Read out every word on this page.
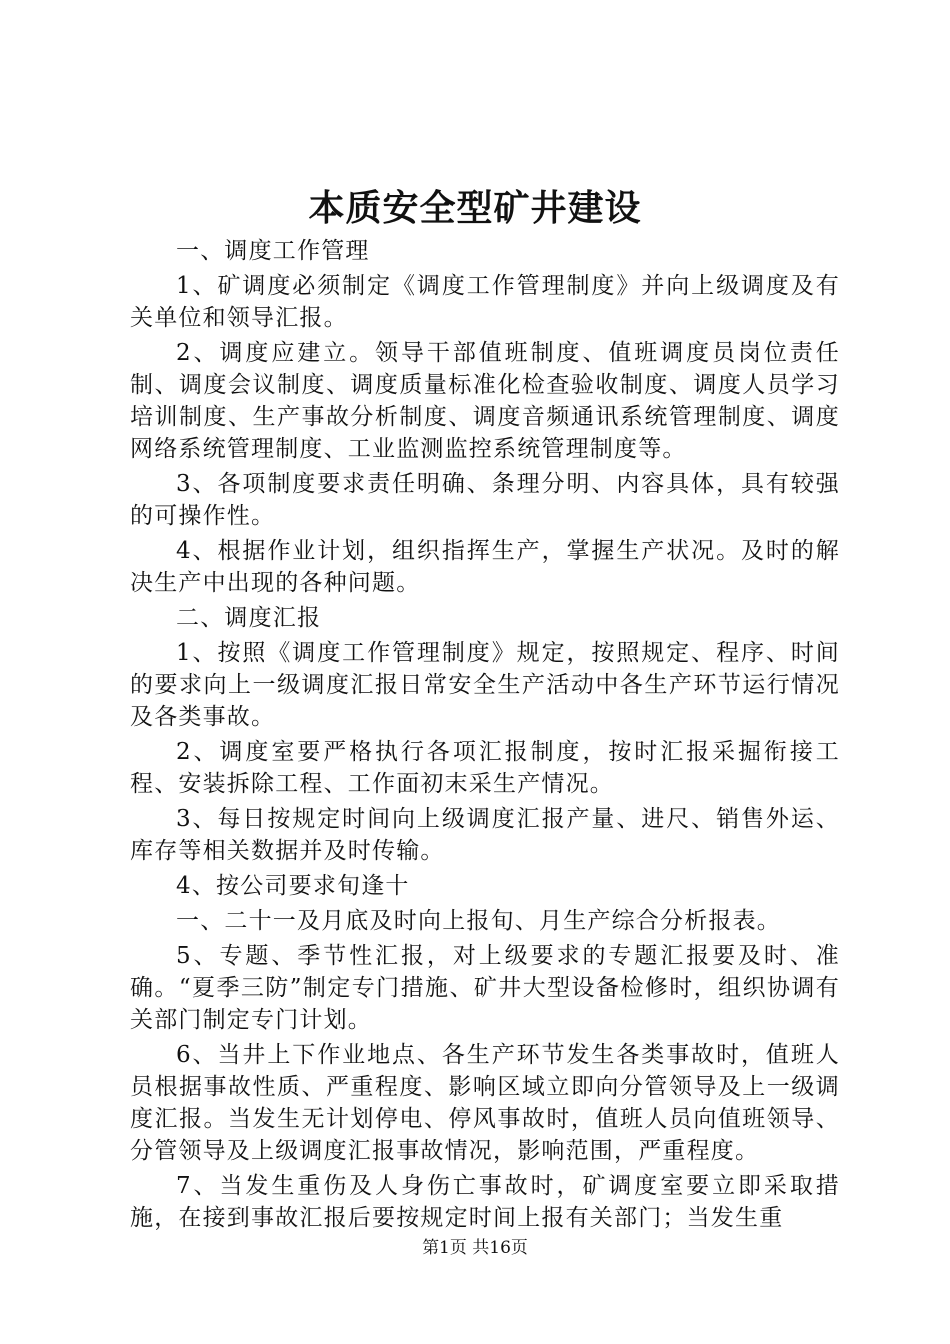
本质安全型矿井建设

一、调度工作管理

1、矿调度必须制定《调度工作管理制度》并向上级调度及有关单位和领导汇报。

2、调度应建立。领导干部值班制度、值班调度员岗位责任制、调度会议制度、调度质量标准化检查验收制度、调度人员学习培训制度、生产事故分析制度、调度音频通讯系统管理制度、调度网络系统管理制度、工业监测监控系统管理制度等。

3、各项制度要求责任明确、条理分明、内容具体，具有较强的可操作性。

4、根据作业计划，组织指挥生产，掌握生产状况。及时的解决生产中出现的各种问题。

二、调度汇报

1、按照《调度工作管理制度》规定，按照规定、程序、时间的要求向上一级调度汇报日常安全生产活动中各生产环节运行情况及各类事故。

2、调度室要严格执行各项汇报制度，按时汇报采掘衔接工程、安装拆除工程、工作面初末采生产情况。

3、每日按规定时间向上级调度汇报产量、进尺、销售外运、库存等相关数据并及时传输。

4、按公司要求旬逢十

一、二十一及月底及时向上报旬、月生产综合分析报表。

5、专题、季节性汇报，对上级要求的专题汇报要及时、准确。“夏季三防”制定专门措施、矿井大型设备检修时，组织协调有关部门制定专门计划。

6、当井上下作业地点、各生产环节发生各类事故时，值班人员根据事故性质、严重程度、影响区域立即向分管领导及上一级调度汇报。当发生无计划停电、停风事故时，值班人员向值班领导、分管领导及上级调度汇报事故情况，影响范围，严重程度。

7、当发生重伤及人身伤亡事故时，矿调度室要立即采取措施，在接到事故汇报后要按规定时间上报有关部门；当发生重

第1页 共16页
